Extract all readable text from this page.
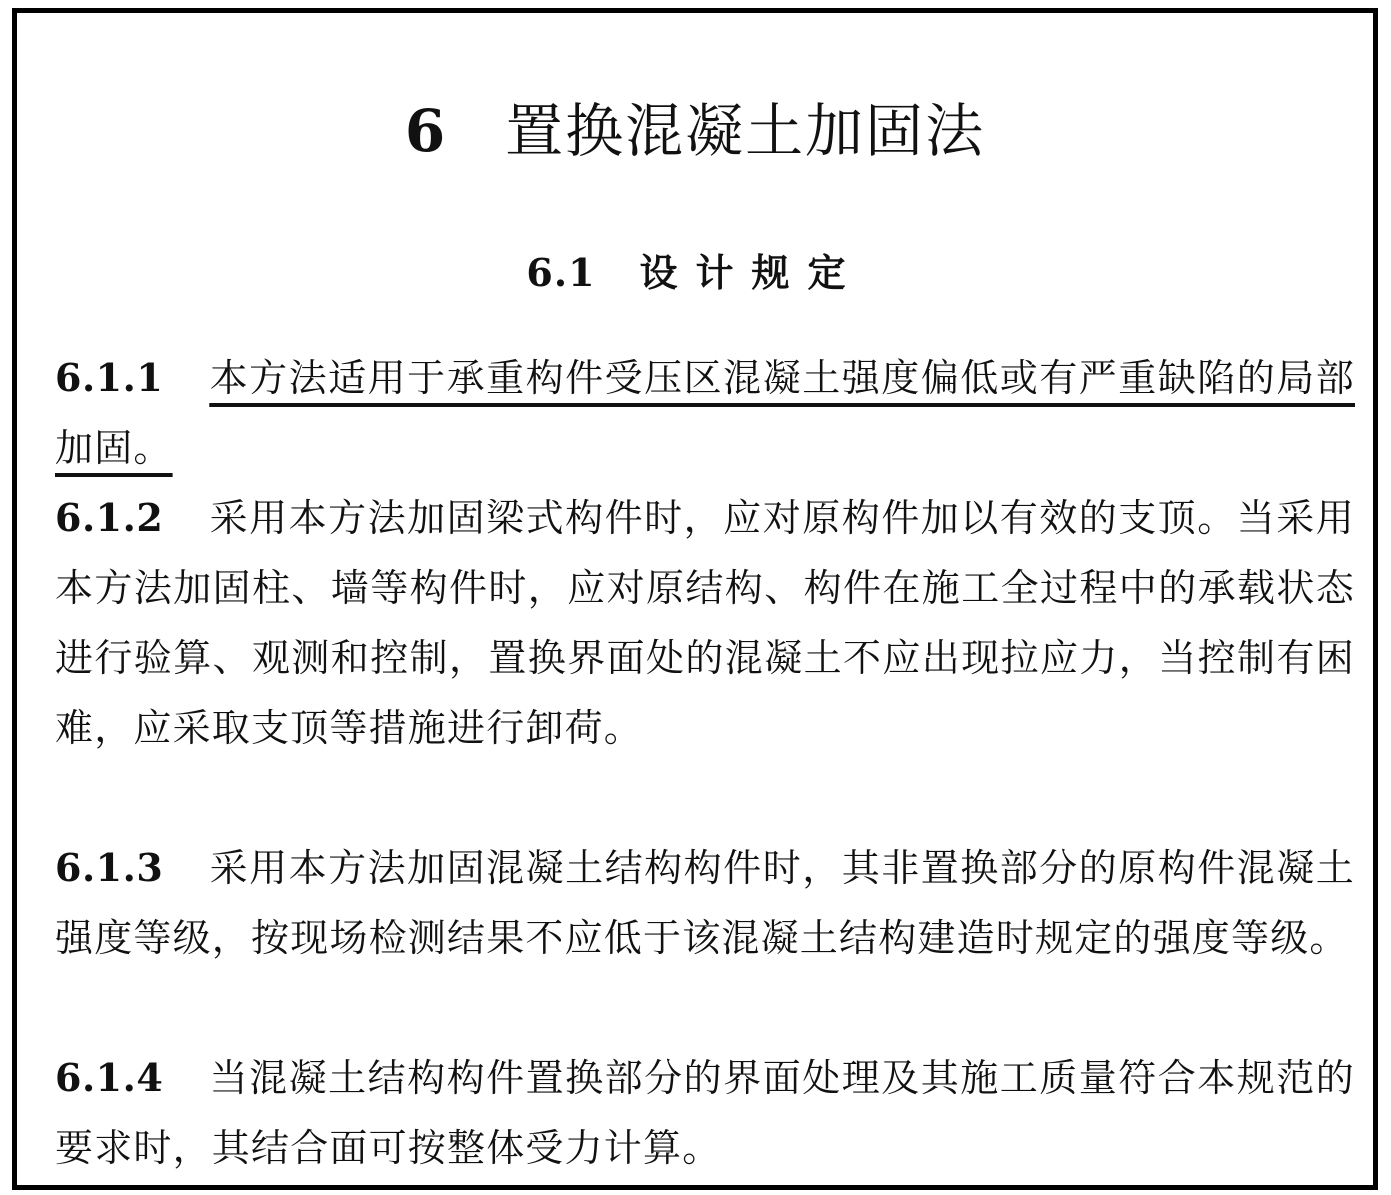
6 置换混凝土加固法
6.1 设计规定
6.1.1 本方法适用于承重构件受压区混凝土强度偏低或有严重缺陷的局部加固。
6.1.2 采用本方法加固梁式构件时，应对原构件加以有效的支顶。当采用本方法加固柱、墙等构件时，应对原结构、构件在施工全过程中的承载状态进行验算、观测和控制，置换界面处的混凝土不应出现拉应力，当控制有困难，应采取支顶等措施进行卸荷。
6.1.3 采用本方法加固混凝土结构构件时，其非置换部分的原构件混凝土强度等级，按现场检测结果不应低于该混凝土结构建造时规定的强度等级。
6.1.4 当混凝土结构构件置换部分的界面处理及其施工质量符合本规范的要求时，其结合面可按整体受力计算。
